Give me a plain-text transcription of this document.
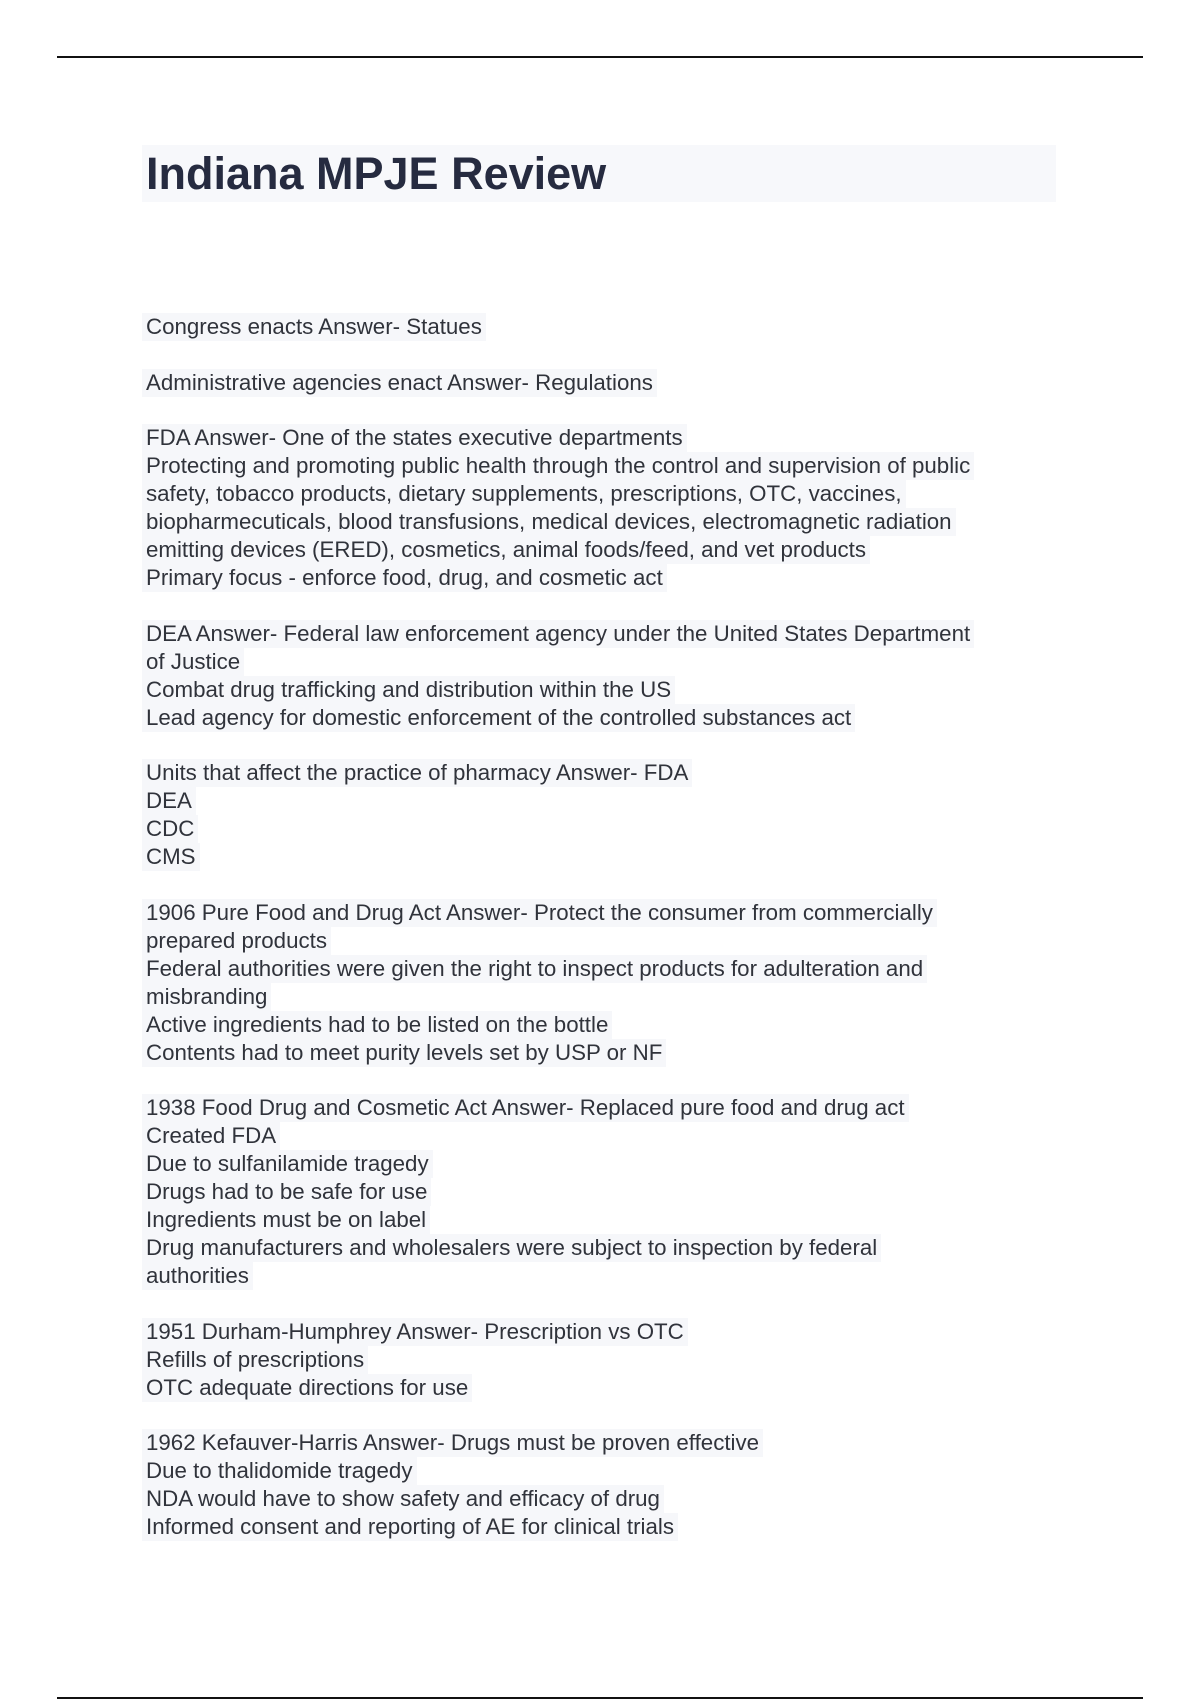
Indiana MPJE Review
Congress enacts Answer- Statues
Administrative agencies enact Answer- Regulations
FDA Answer- One of the states executive departments
Protecting and promoting public health through the control and supervision of public
safety, tobacco products, dietary supplements, prescriptions, OTC, vaccines,
biopharmecuticals, blood transfusions, medical devices, electromagnetic radiation
emitting devices (ERED), cosmetics, animal foods/feed, and vet products
Primary focus - enforce food, drug, and cosmetic act
DEA Answer- Federal law enforcement agency under the United States Department
of Justice
Combat drug trafficking and distribution within the US
Lead agency for domestic enforcement of the controlled substances act
Units that affect the practice of pharmacy Answer- FDA
DEA
CDC
CMS
1906 Pure Food and Drug Act Answer- Protect the consumer from commercially
prepared products
Federal authorities were given the right to inspect products for adulteration and
misbranding
Active ingredients had to be listed on the bottle
Contents had to meet purity levels set by USP or NF
1938 Food Drug and Cosmetic Act Answer- Replaced pure food and drug act
Created FDA
Due to sulfanilamide tragedy
Drugs had to be safe for use
Ingredients must be on label
Drug manufacturers and wholesalers were subject to inspection by federal
authorities
1951 Durham-Humphrey Answer- Prescription vs OTC
Refills of prescriptions
OTC adequate directions for use
1962 Kefauver-Harris Answer- Drugs must be proven effective
Due to thalidomide tragedy
NDA would have to show safety and efficacy of drug
Informed consent and reporting of AE for clinical trials
